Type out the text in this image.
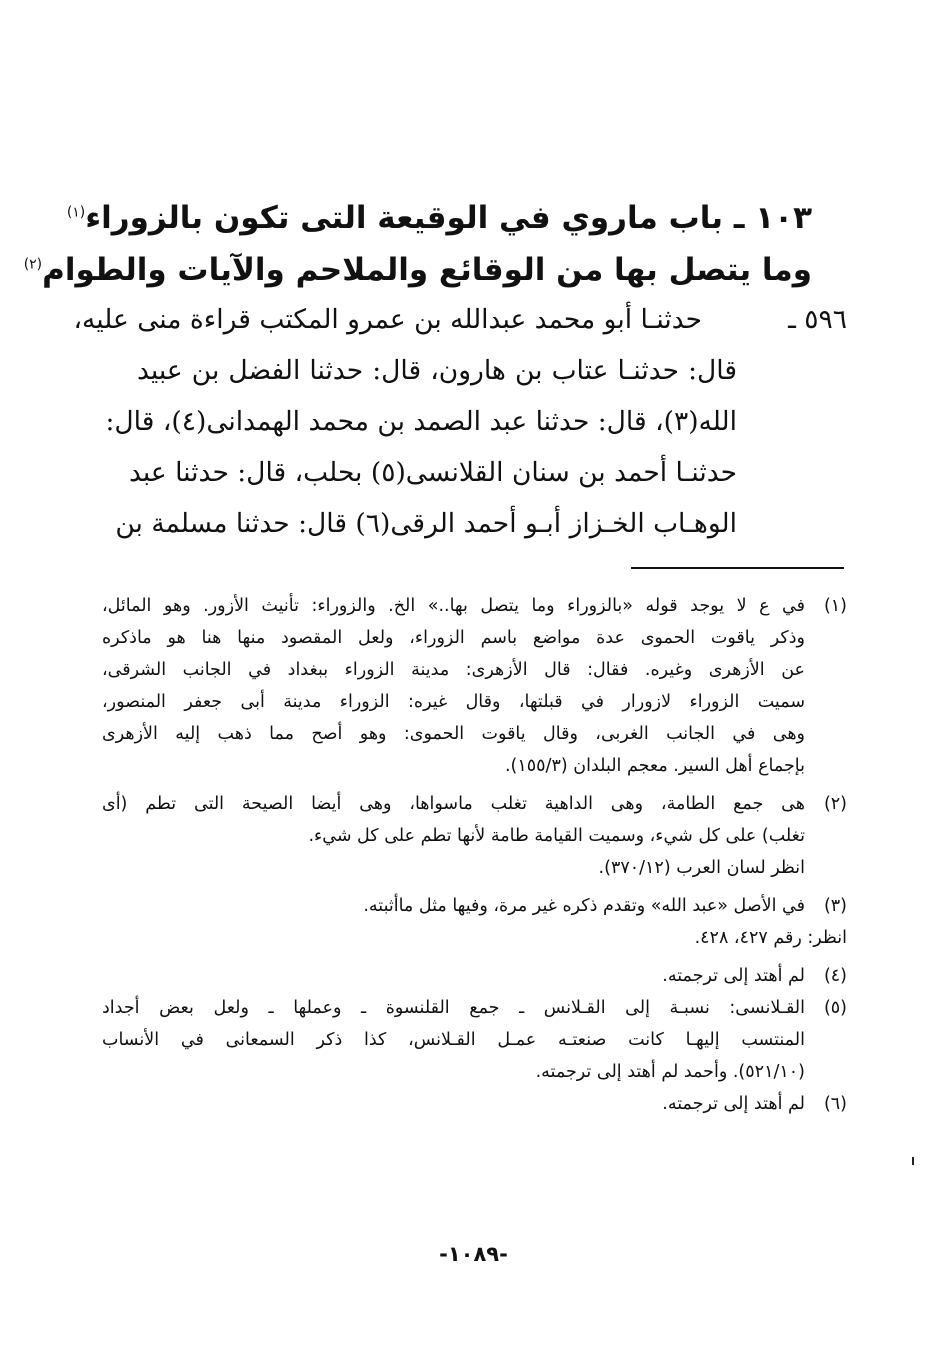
١٠٣ ـ باب ماروي في الوقيعة التى تكون بالزوراء$^{(١)}$
وما يتصل بها من الوقائع والملاحم والآيات والطوام$^{(٢)}$
٥٩٦ ـ
حدثنـا أبو محمد عبدالله بن عمرو المكتب قراءة منى عليه،
قال: حدثنـا عتاب بن هارون، قال: حدثنا الفضل بن عبيد
الله(٣)، قال: حدثنا عبد الصمد بن محمد الهمدانى(٤)، قال:
حدثنـا أحمد بن سنان القلانسى(٥) بحلب، قال: حدثنا عبد
الوهـاب الخـزاز أبـو أحمد الرقى(٦) قال: حدثنا مسلمة بن
(١)
في ع لا يوجد قوله «بالزوراء وما يتصل بها..» الخ. والزوراء: تأنيث الأزور. وهو المائل،
وذكر ياقوت الحموى عدة مواضع باسم الزوراء، ولعل المقصود منها هنا هو ماذكره
عن الأزهرى وغيره. فقال: قال الأزهرى: مدينة الزوراء ببغداد في الجانب الشرقى،
سميت الزوراء لازورار في قبلتها، وقال غيره: الزوراء مدينة أبى جعفر المنصور،
وهى في الجانب الغربى، وقال ياقوت الحموى: وهو أصح مما ذهب إليه الأزهرى
بإجماع أهل السير. معجم البلدان (١٥٥/٣).
(٢)
هى جمع الطامة، وهى الداهية تغلب ماسواها، وهى أيضا الصيحة التى تطم (أى
تغلب) على كل شيء، وسميت القيامة طامة لأنها تطم على كل شيء.
انظر لسان العرب (٣٧٠/١٢).
(٣)
في الأصل «عبد الله» وتقدم ذكره غير مرة، وفيها مثل ماأثبته.
انظر: رقم ٤٢٧، ٤٢٨.
(٤)
لم أهتد إلى ترجمته.
(٥)
القـلانسى: نسبـة إلى القـلانس ـ جمع القلنسوة ـ وعملها ـ ولعل بعض أجداد
المنتسب إليهـا كانت صنعتـه عمـل القـلانس، كذا ذكر السمعانى في الأنساب
(٥٢١/١٠). وأحمد لم أهتد إلى ترجمته.
(٦)
لم أهتد إلى ترجمته.
-١٠٨٩-
